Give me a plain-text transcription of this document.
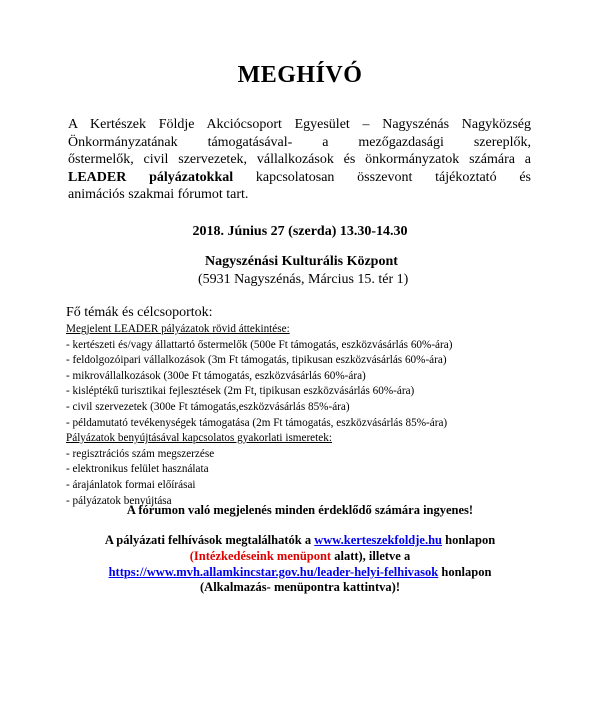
MEGHÍVÓ
A Kertészek Földje Akciócsoport Egyesület – Nagyszénás Nagyközség
Önkormányzatának támogatásával- a mezőgazdasági szereplők,
őstermelők, civil szervezetek, vállalkozások és önkormányzatok számára a
LEADER pályázatokkal kapcsolatosan összevont tájékoztató és
animációs szakmai fórumot tart.
2018. Június 27 (szerda) 13.30-14.30
Nagyszénási Kulturális Központ
(5931 Nagyszénás, Március 15. tér 1)
Fő témák és célcsoportok:
Megjelent LEADER pályázatok rövid áttekintése:
- kertészeti és/vagy állattartó őstermelők (500e Ft támogatás, eszközvásárlás 60%-ára)
- feldolgozóipari vállalkozások (3m Ft támogatás, tipikusan eszközvásárlás 60%-ára)
- mikrovállalkozások (300e Ft támogatás, eszközvásárlás 60%-ára)
- kisléptékű turisztikai fejlesztések (2m Ft, tipikusan eszközvásárlás 60%-ára)
- civil szervezetek (300e Ft támogatás,eszközvásárlás 85%-ára)
- példamutató tevékenységek támogatása (2m Ft támogatás, eszközvásárlás 85%-ára)
Pályázatok benyújtásával kapcsolatos gyakorlati ismeretek:
- regisztrációs szám megszerzése
- elektronikus felület használata
- árajánlatok formai előírásai
- pályázatok benyújtása
A fórumon való megjelenés minden érdeklődő számára ingyenes!
A pályázati felhívások megtalálhatók a www.kerteszekfoldje.hu honlapon
(Intézkedéseink menüpont alatt), illetve a
https://www.mvh.allamkincstar.gov.hu/leader-helyi-felhivasok honlapon
(Alkalmazás- menüpontra kattintva)!
